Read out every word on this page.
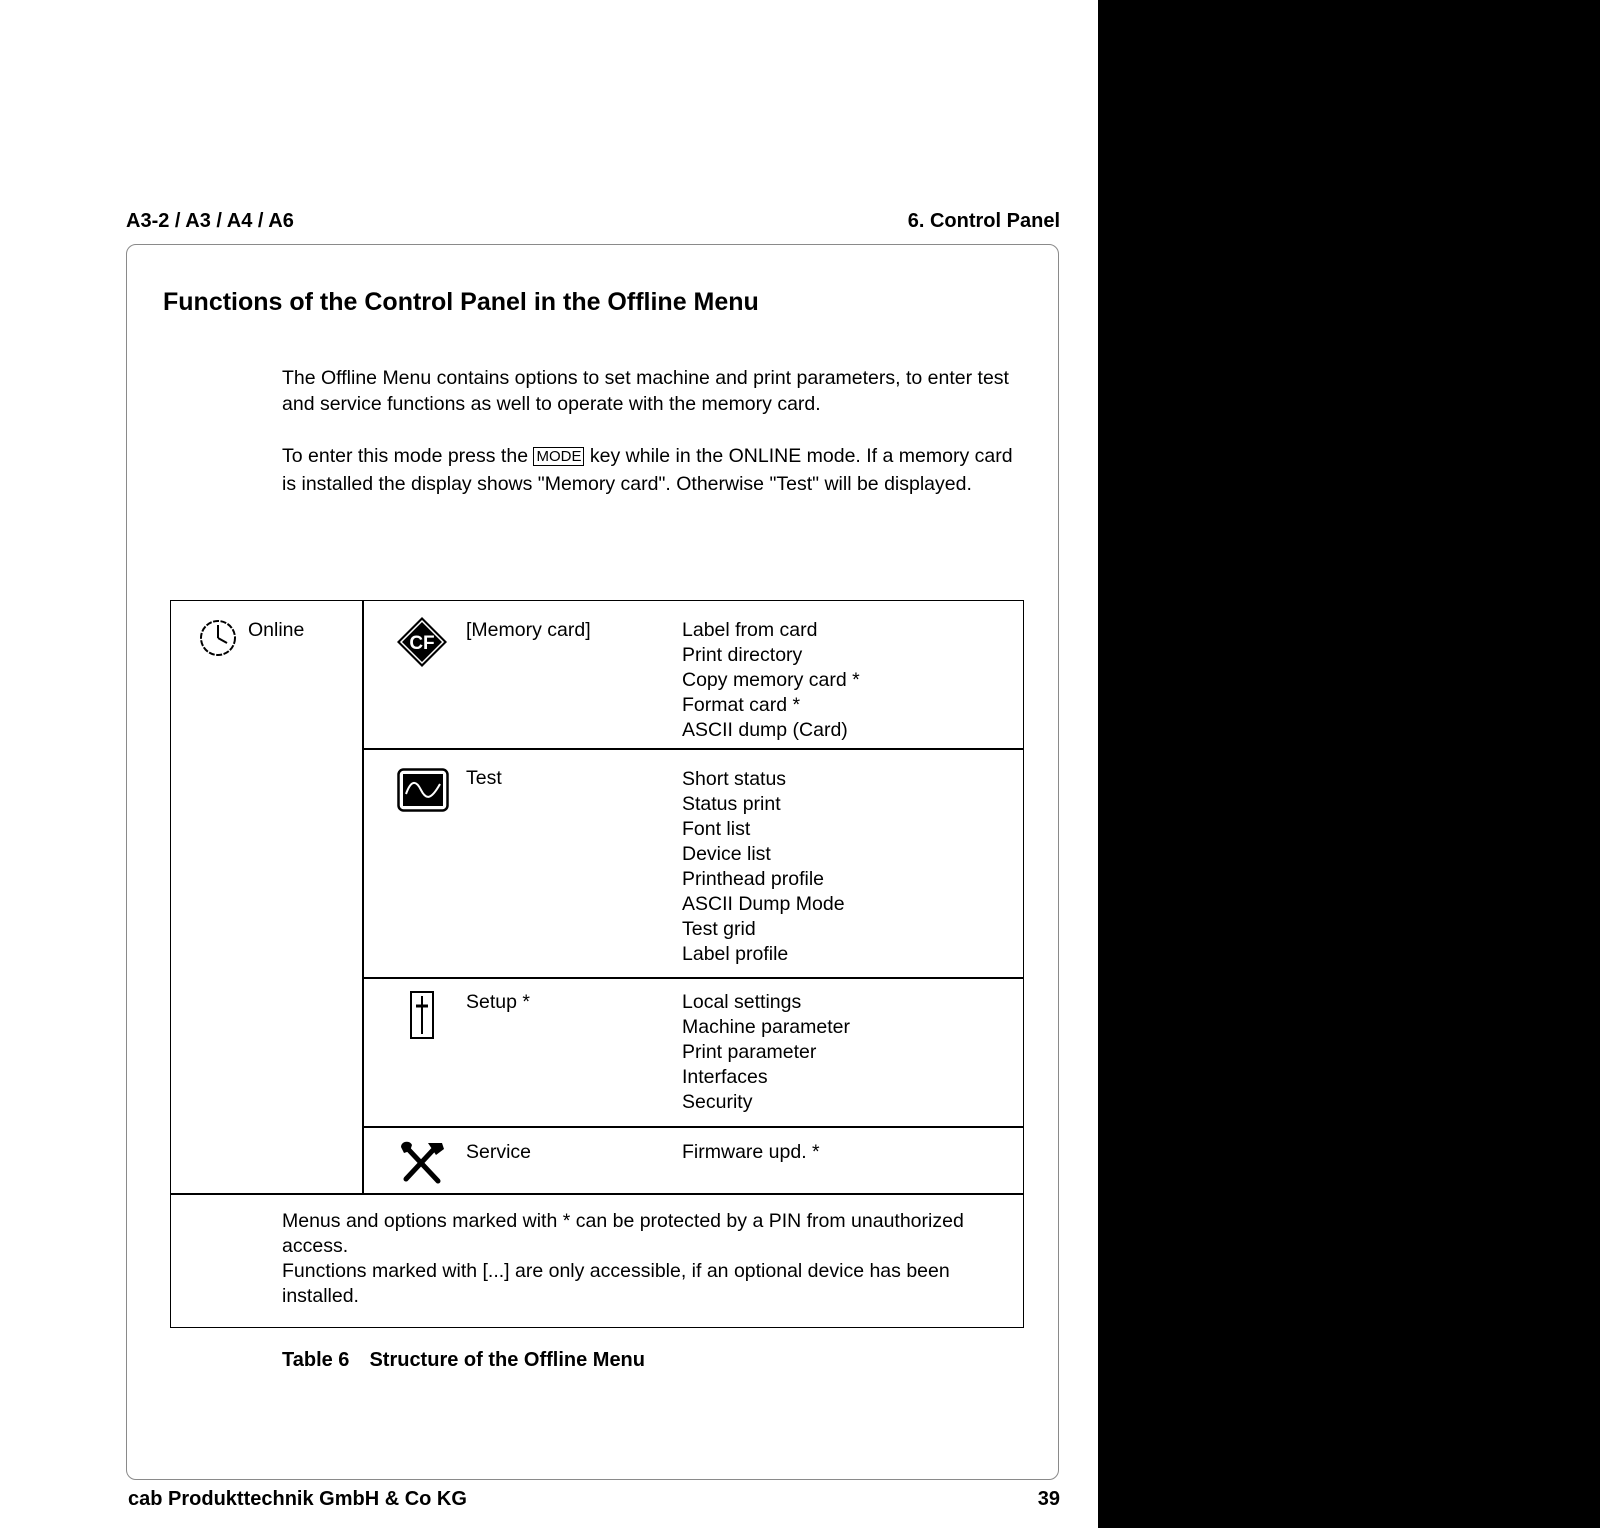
A3-2 / A3 / A4 / A6	6. Control Panel
Functions of the Control Panel in the Offline Menu
The Offline Menu contains options to set machine and print parameters, to enter test and service functions as well to operate with the memory card.
To enter this mode press the MODE key while in the ONLINE mode. If a memory card is installed the display shows "Memory card". Otherwise "Test" will be displayed.
Online
CF
[Memory card]	Label from card
Print directory
Copy memory card *
Format card *
ASCII dump (Card)
Test	Short status
Status print
Font list
Device list
Printhead profile
ASCII Dump Mode
Test grid
Label profile
Setup *	Local settings
Machine parameter
Print parameter
Interfaces
Security
Service	Firmware upd. *
Menus and options marked with * can be protected by a PIN from unauthorized access.
Functions marked with [...] are only accessible, if an optional device has been installed.
Table 6 Structure of the Offline Menu
cab Produkttechnik GmbH & Co KG	39
